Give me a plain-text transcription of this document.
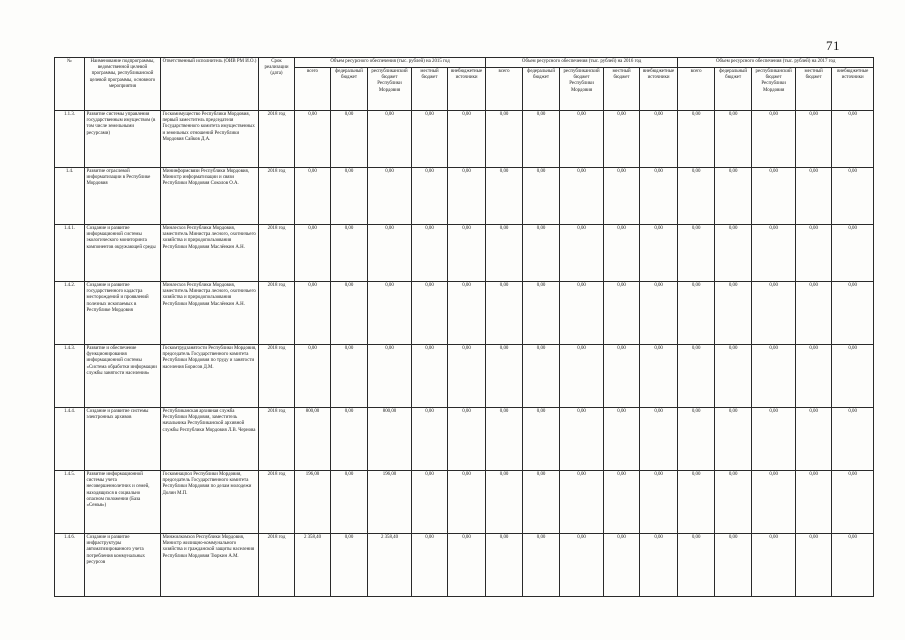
71
№	Наименование подпрограммы, ведомственной целевой программы, республиканской целевой программы, основного мероприятия	Ответственный исполнитель (ОИВ РМ И.О.)	Срок реализации (дата)	Объем ресурсного обеспечения (тыс. рублей) на 2015 год					Объем ресурсного обеспечения (тыс. рублей) на 2016 год					Объем ресурсного обеспечения (тыс. рублей) на 2017 год				
				всего	федеральный бюджет	республиканский бюджет Республики Мордовия	местный бюджет	внебюджетные источники	всего	федеральный бюджет	республиканский бюджет Республики Мордовия	местный бюджет	внебюджетные источники	всего	федеральный бюджет	республиканский бюджет Республики Мордовия	местный бюджет	внебюджетные источники
1.1.3.	Развитие системы управления государственным имуществом (в том числе земельными ресурсами)	Госкомимущество Республики Мордовия, первый заместитель председателя Государственного комитета имущественных и земельных отношений Республики Мордовия Сайков Д.А.	2018 год	0,00	0,00	0,00	0,00	0,00	0,00	0,00	0,00	0,00	0,00	0,00	0,00	0,00	0,00	0,00
1.4.	Развитие отраслевой информатизации в Республике Мордовия	Мининформсвязи Республики Мордовия, Министр информатизации и связи Республики Мордовия Соколов О.А.	2018 год	0,00	0,00	0,00	0,00	0,00	0,00	0,00	0,00	0,00	0,00	0,00	0,00	0,00	0,00	0,00
1.4.1.	Создание и развитие информационной системы экологического мониторинга компонентов окружающей среды	Минлесхоз Республики Мордовия, заместитель Министра лесного, охотничьего хозяйства и природопользования Республики Мордовия Маслёнкин А.Н.	2018 год	0,00	0,00	0,00	0,00	0,00	0,00	0,00	0,00	0,00	0,00	0,00	0,00	0,00	0,00	0,00
1.4.2.	Создание и развитие государственного кадастра месторождений и проявлений полезных ископаемых в Республике Мордовия	Минлесхоз Республики Мордовия, заместитель Министра лесного, охотничьего хозяйства и природопользования Республики Мордовия Маслёнкин А.Н.	2018 год	0,00	0,00	0,00	0,00	0,00	0,00	0,00	0,00	0,00	0,00	0,00	0,00	0,00	0,00	0,00
1.4.3.	Развитие и обеспечение функционирования информационной системы «Система обработки информации службы занятости населения»	Госкомтрудзанятости Республики Мордовия, председатель Государственного комитета Республики Мордовия по труду и занятости населения Борисов Д.М.	2018 год	0,00	0,00	0,00	0,00	0,00	0,00	0,00	0,00	0,00	0,00	0,00	0,00	0,00	0,00	0,00
1.4.4.	Создание и развитие системы электронных архивов	Республиканская архивная служба Республики Мордовия, заместитель начальника Республиканской архивной службы Республики Мордовия Л.В. Чернова	2018 год	800,00	0,00	800,00	0,00	0,00	0,00	0,00	0,00	0,00	0,00	0,00	0,00	0,00	0,00	0,00
1.4.5.	Развитие информационной системы учета несовершеннолетних и семей, находящихся в социально опасном положении (База «Семья»)	Госкомнацпол Республики Мордовия, председатель Государственного комитета Республики Мордовия по делам молодежи Долин М.П.	2018 год	196,00	0,00	196,00	0,00	0,00	0,00	0,00	0,00	0,00	0,00	0,00	0,00	0,00	0,00	0,00
1.4.6.	Создание и развитие инфраструктуры автоматизированного учета потребления коммунальных ресурсов	Минжилкомхоз Республики Мордовия, Министр жилищно-коммунального хозяйства и гражданской защиты населения Республики Мордовия Тюркин А.М.	2018 год	2 358,40	0,00	2 358,40	0,00	0,00	0,00	0,00	0,00	0,00	0,00	0,00	0,00	0,00	0,00	0,00
